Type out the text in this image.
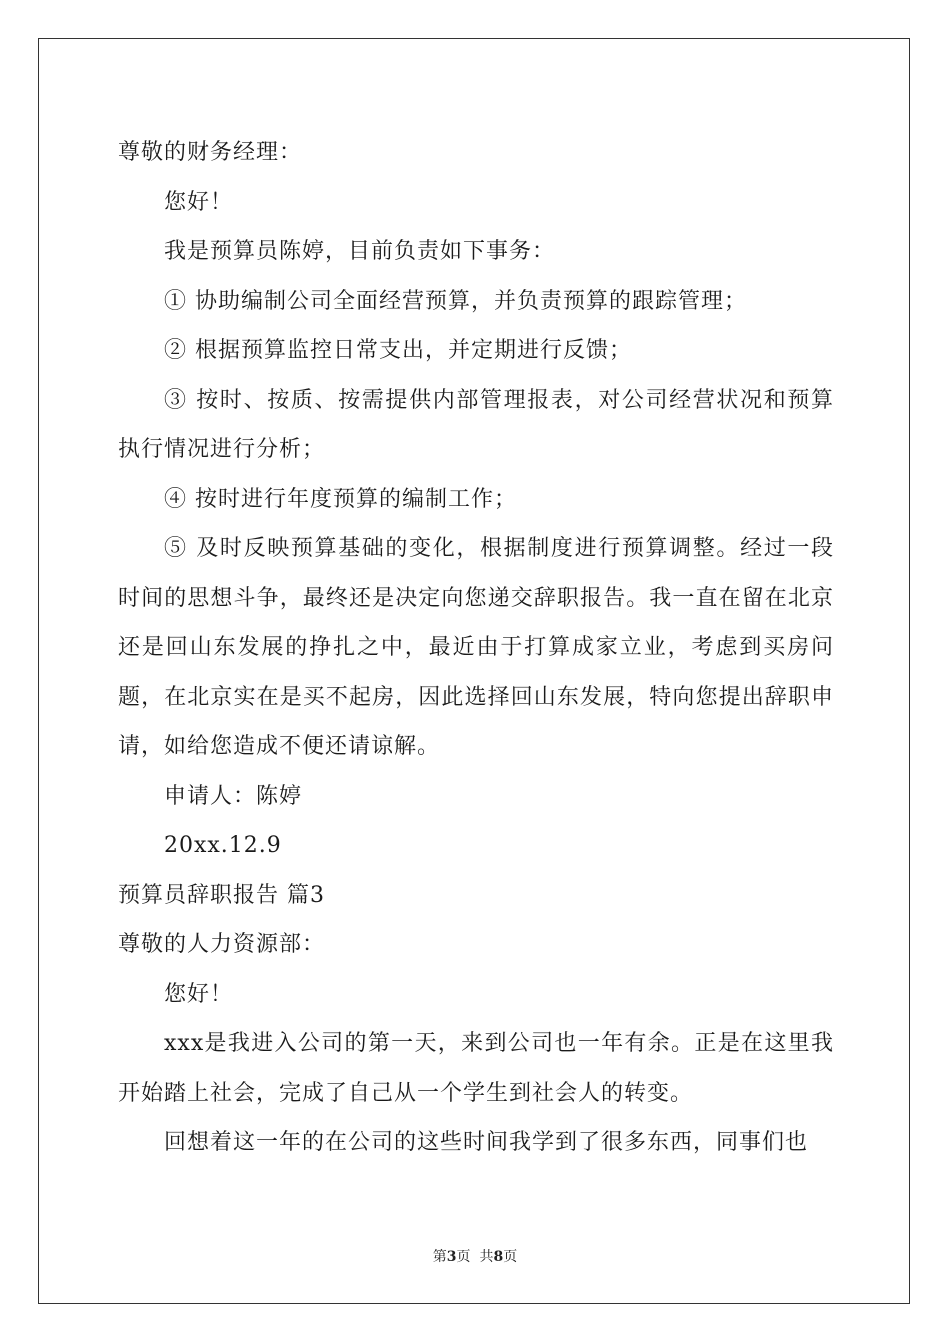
尊敬的财务经理：
您好！
我是预算员陈婷，目前负责如下事务：
① 协助编制公司全面经营预算，并负责预算的跟踪管理；
② 根据预算监控日常支出，并定期进行反馈；
③ 按时、按质、按需提供内部管理报表，对公司经营状况和预算执行情况进行分析；
④ 按时进行年度预算的编制工作；
⑤ 及时反映预算基础的变化，根据制度进行预算调整。经过一段时间的思想斗争，最终还是决定向您递交辞职报告。我一直在留在北京还是回山东发展的挣扎之中，最近由于打算成家立业，考虑到买房问题，在北京实在是买不起房，因此选择回山东发展，特向您提出辞职申请，如给您造成不便还请谅解。
申请人：陈婷
20xx.12.9
预算员辞职报告 篇3
尊敬的人力资源部：
您好！
xxx是我进入公司的第一天，来到公司也一年有余。正是在这里我开始踏上社会，完成了自己从一个学生到社会人的转变。
回想着这一年的在公司的这些时间我学到了很多东西，同事们也
第3页  共8页
